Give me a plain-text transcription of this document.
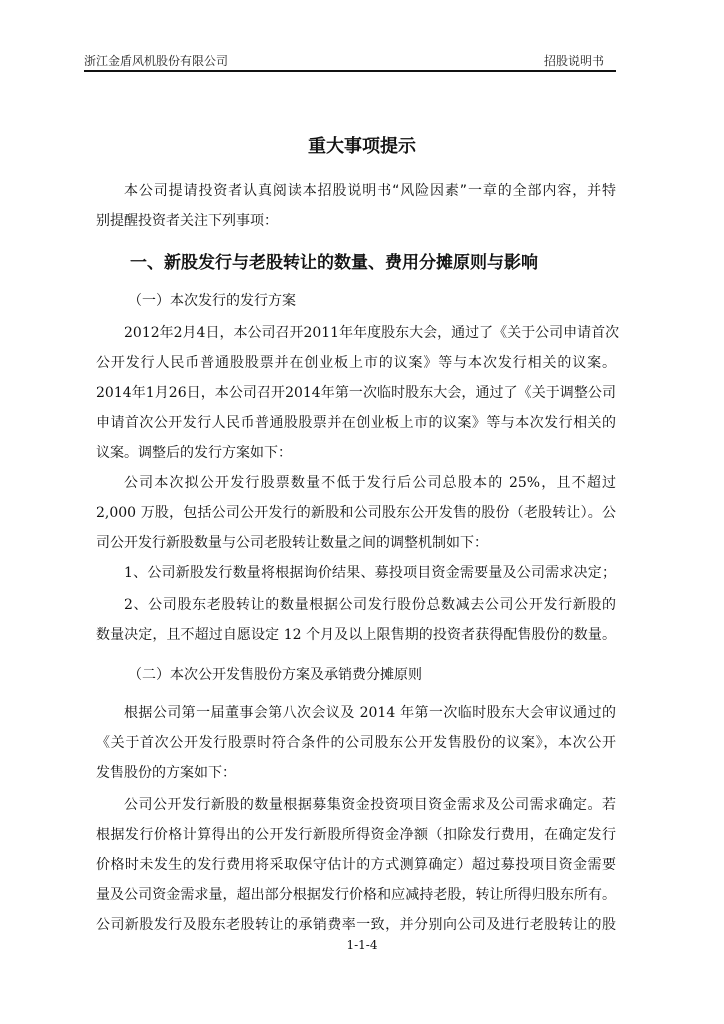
浙江金盾风机股份有限公司	招股说明书
重大事项提示
本公司提请投资者认真阅读本招股说明书“风险因素”一章的全部内容，并特
别提醒投资者关注下列事项：
一、新股发行与老股转让的数量、费用分摊原则与影响
（一）本次发行的发行方案
2012年2月4日，本公司召开2011年年度股东大会，通过了《关于公司申请首次
公开发行人民币普通股股票并在创业板上市的议案》等与本次发行相关的议案。
2014年1月26日，本公司召开2014年第一次临时股东大会，通过了《关于调整公司
申请首次公开发行人民币普通股股票并在创业板上市的议案》等与本次发行相关的
议案。调整后的发行方案如下：
公司本次拟公开发行股票数量不低于发行后公司总股本的 25%，且不超过
2,000 万股，包括公司公开发行的新股和公司股东公开发售的股份（老股转让）。公
司公开发行新股数量与公司老股转让数量之间的调整机制如下：
1、公司新股发行数量将根据询价结果、募投项目资金需要量及公司需求决定；
2、公司股东老股转让的数量根据公司发行股份总数减去公司公开发行新股的
数量决定，且不超过自愿设定 12 个月及以上限售期的投资者获得配售股份的数量。
（二）本次公开发售股份方案及承销费分摊原则
根据公司第一届董事会第八次会议及 2014 年第一次临时股东大会审议通过的
《关于首次公开发行股票时符合条件的公司股东公开发售股份的议案》，本次公开
发售股份的方案如下：
公司公开发行新股的数量根据募集资金投资项目资金需求及公司需求确定。若
根据发行价格计算得出的公开发行新股所得资金净额（扣除发行费用，在确定发行
价格时未发生的发行费用将采取保守估计的方式测算确定）超过募投项目资金需要
量及公司资金需求量，超出部分根据发行价格和应减持老股，转让所得归股东所有。
公司新股发行及股东老股转让的承销费率一致，并分别向公司及进行老股转让的股
1-1-4
